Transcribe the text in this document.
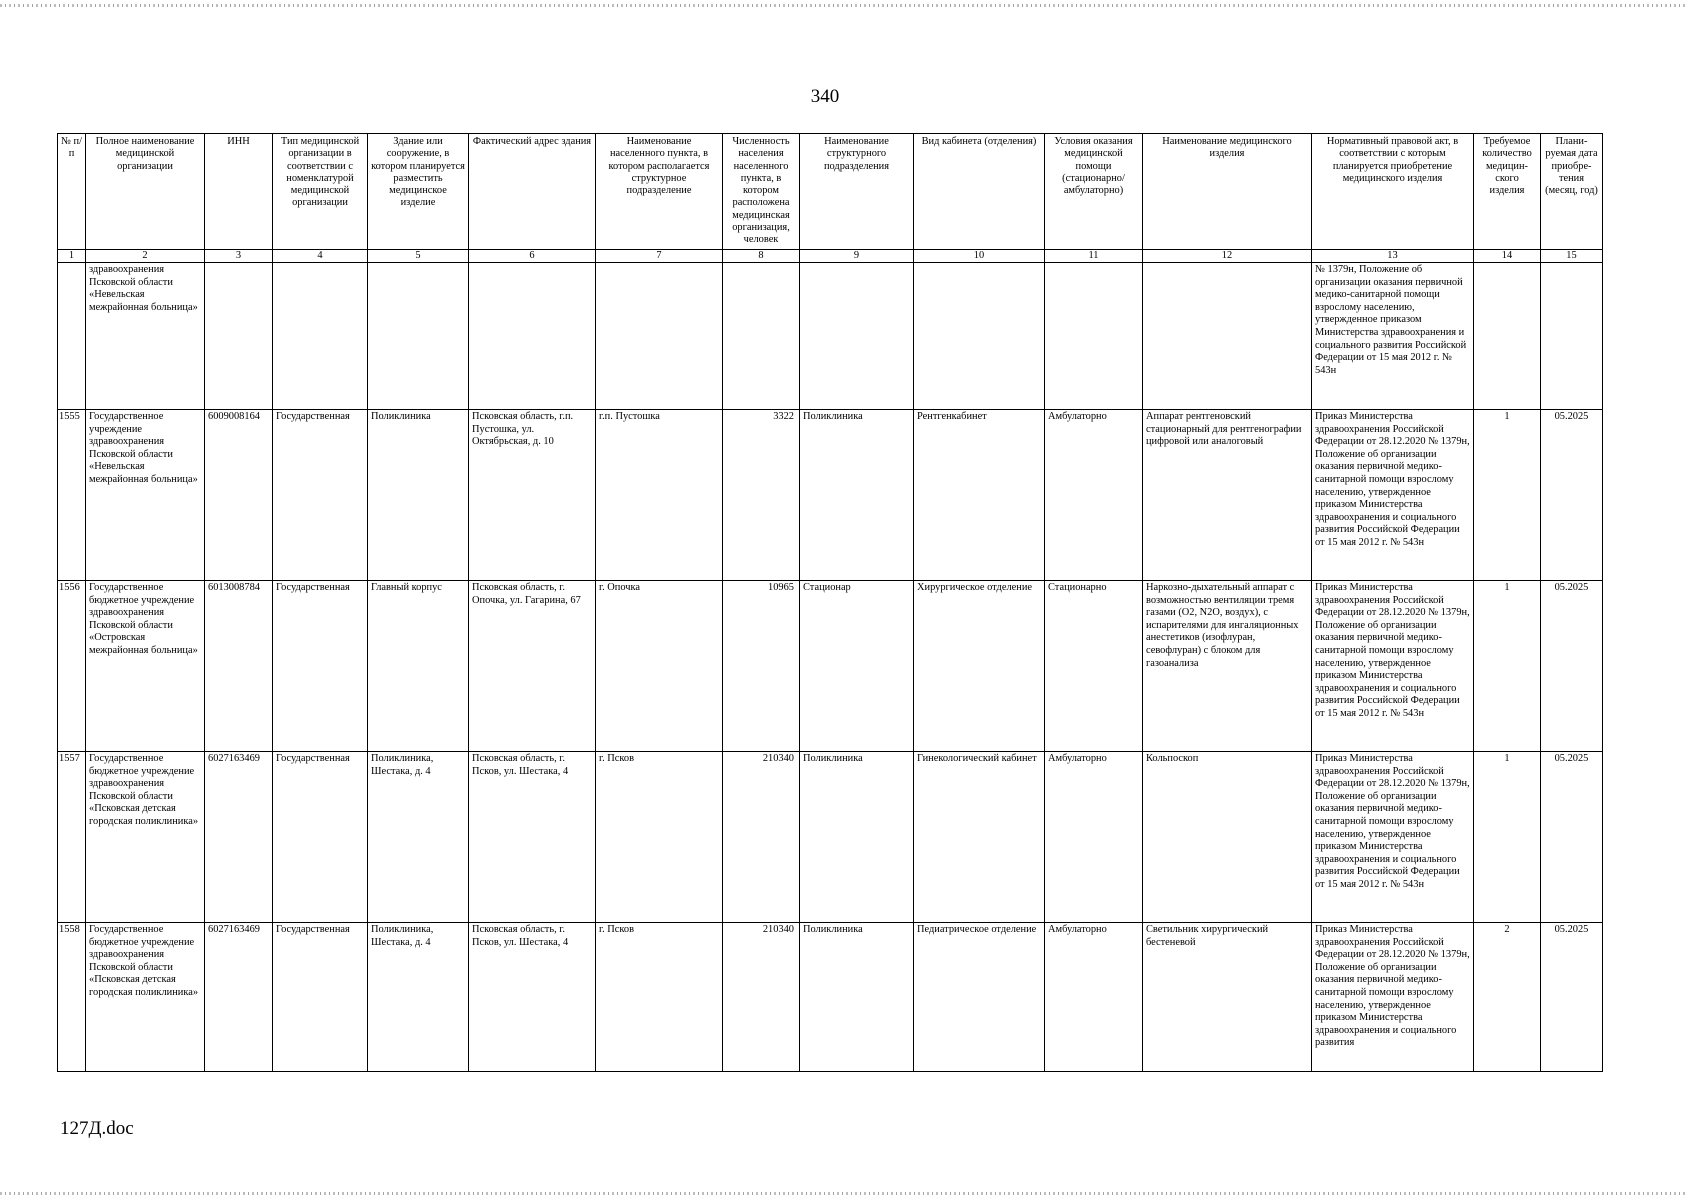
340
№ п/п	Полное наименование медицинской организации	ИНН	Тип медицинской организации в соответствии с номенклатурой медицинской организации	Здание или сооружение, в котором планируется разместить медицинское изделие	Фактический адрес здания	Наименование населенного пункта, в котором располагается структурное подразделение	Численность населения населенного пункта, в котором расположена медицинская организация, человек	Наименование структурного подразделения	Вид кабинета (отделения)	Условия оказания медицинской помощи (стационарно/ амбулаторно)	Наименование медицинского изделия	Нормативный правовой акт, в соответствии с которым планируется приобретение медицинского изделия	Требуемое количество медицин-ского изделия	Плани-руемая дата приобре-тения (месяц, год)
1	2	3	4	5	6	7	8	9	10	11	12	13	14	15
	здравоохранения Псковской области «Невельская межрайонная больница»											№ 1379н, Положение об организации оказания первичной медико-санитарной помощи взрослому населению, утвержденное приказом Министерства здравоохранения и социального развития Российской Федерации от 15 мая 2012 г. № 543н		
1555	Государственное учреждение здравоохранения Псковской области «Невельская межрайонная больница»	6009008164	Государственная	Поликлиника	Псковская область, г.п. Пустошка, ул. Октябрьская, д. 10	г.п. Пустошка	3322	Поликлиника	Рентгенкабинет	Амбулаторно	Аппарат рентгеновский стационарный для рентгенографии цифровой или аналоговый	Приказ Министерства здравоохранения Российской Федерации от 28.12.2020 № 1379н, Положение об организации оказания первичной медико-санитарной помощи взрослому населению, утвержденное приказом Министерства здравоохранения и социального развития Российской Федерации от 15 мая 2012 г. № 543н	1	05.2025
1556	Государственное бюджетное учреждение здравоохранения Псковской области «Островская межрайонная больница»	6013008784	Государственная	Главный корпус	Псковская область, г. Опочка, ул. Гагарина, 67	г. Опочка	10965	Стационар	Хирургическое отделение	Стационарно	Наркозно-дыхательный аппарат с возможностью вентиляции тремя газами (O2, N2O, воздух), с испарителями для ингаляционных анестетиков (изофлуран, севофлуран) с блоком для газоанализа	Приказ Министерства здравоохранения Российской Федерации от 28.12.2020 № 1379н, Положение об организации оказания первичной медико-санитарной помощи взрослому населению, утвержденное приказом Министерства здравоохранения и социального развития Российской Федерации от 15 мая 2012 г. № 543н	1	05.2025
1557	Государственное бюджетное учреждение здравоохранения Псковской области «Псковская детская городская поликлиника»	6027163469	Государственная	Поликлиника, Шестака, д. 4	Псковская область, г. Псков, ул. Шестака, 4	г. Псков	210340	Поликлиника	Гинекологический кабинет	Амбулаторно	Кольпоскоп	Приказ Министерства здравоохранения Российской Федерации от 28.12.2020 № 1379н, Положение об организации оказания первичной медико-санитарной помощи взрослому населению, утвержденное приказом Министерства здравоохранения и социального развития Российской Федерации от 15 мая 2012 г. № 543н	1	05.2025
1558	Государственное бюджетное учреждение здравоохранения Псковской области «Псковская детская городская поликлиника»	6027163469	Государственная	Поликлиника, Шестака, д. 4	Псковская область, г. Псков, ул. Шестака, 4	г. Псков	210340	Поликлиника	Педиатрическое отделение	Амбулаторно	Светильник хирургический бестеневой	Приказ Министерства здравоохранения Российской Федерации от 28.12.2020 № 1379н, Положение об организации оказания первичной медико-санитарной помощи взрослому населению, утвержденное приказом Министерства здравоохранения и социального развития	2	05.2025
127Д.doc
